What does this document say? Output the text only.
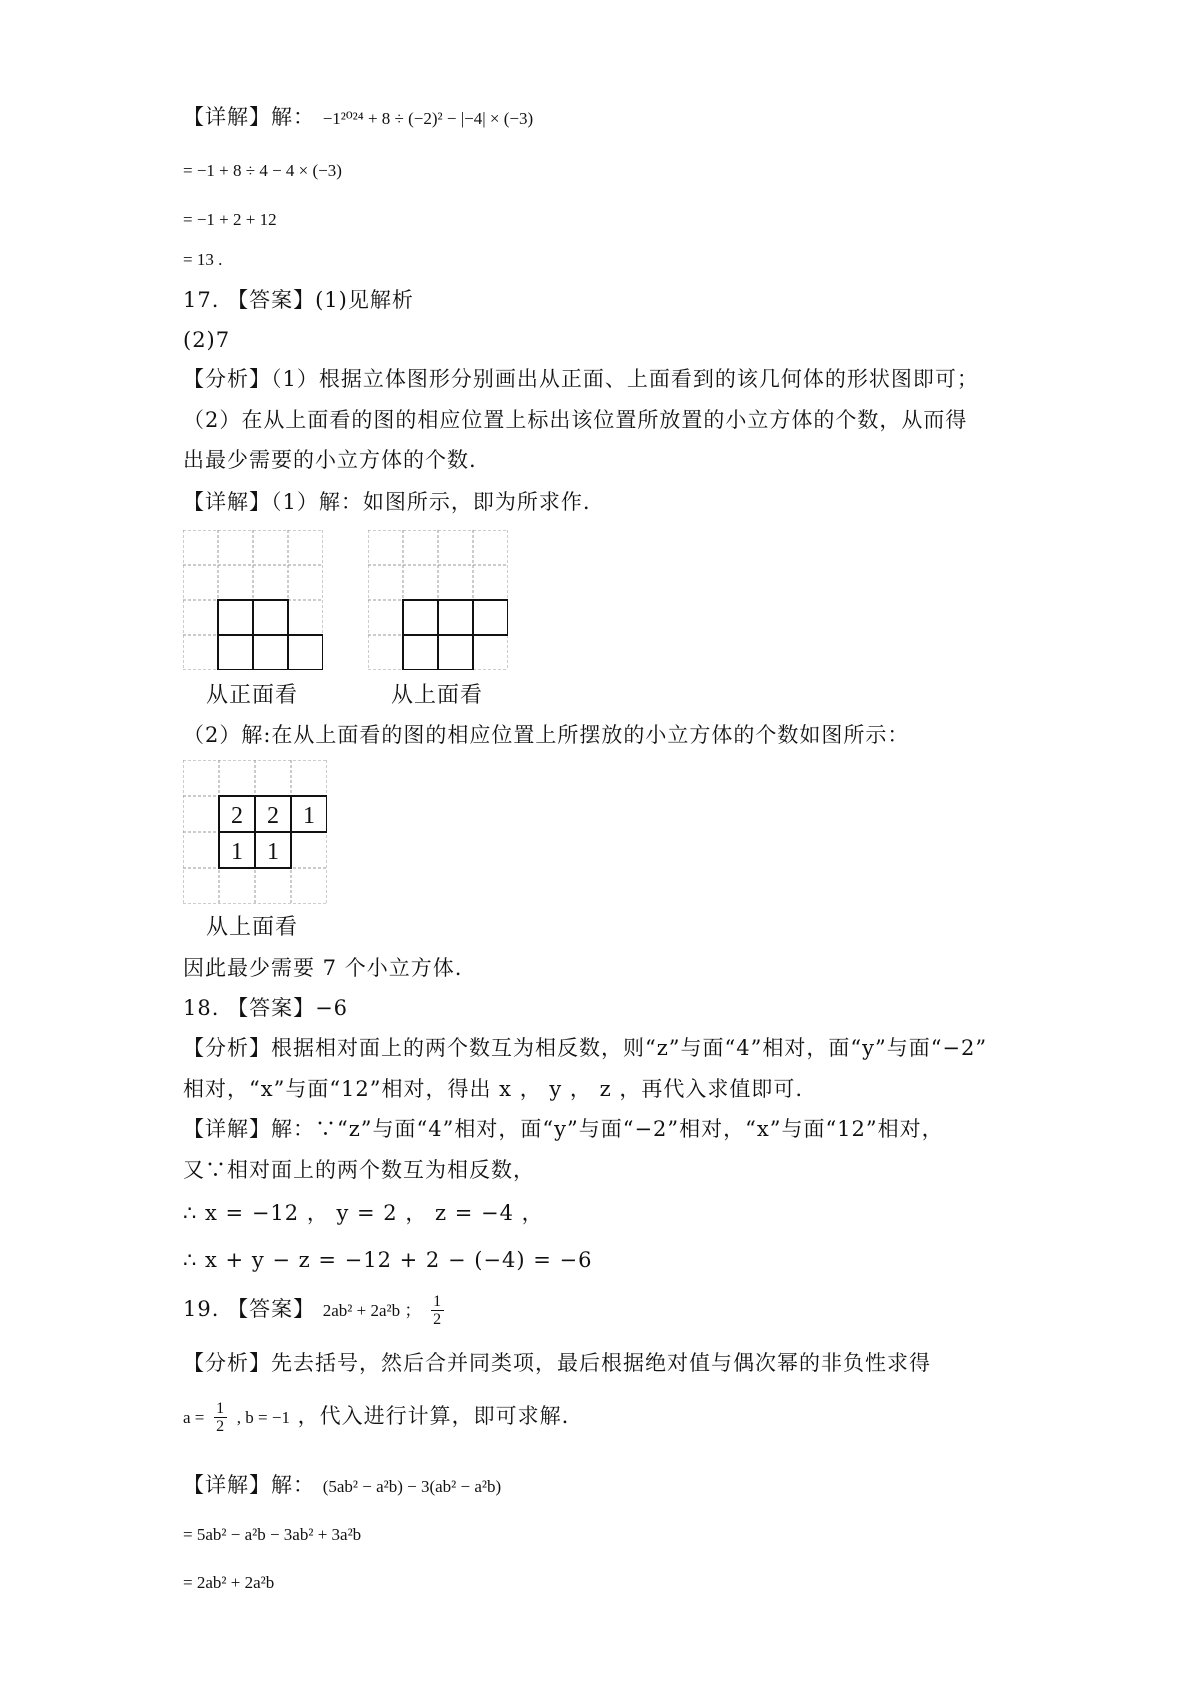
【详解】解： −1²⁰²⁴ + 8 ÷ (−2)² − |−4| × (−3)
= −1 + 8 ÷ 4 − 4 × (−3)
= −1 + 2 + 12
= 13 .
17. 【答案】(1)见解析
(2)7
【分析】（1）根据立体图形分别画出从正面、上面看到的该几何体的形状图即可；
（2）在从上面看的图的相应位置上标出该位置所放置的小立方体的个数，从而得
出最少需要的小立方体的个数.
【详解】（1）解：如图所示，即为所求作.
从正面看	从上面看
（2）解:在从上面看的图的相应位置上所摆放的小立方体的个数如图所示：
2 2 1
1 1
从上面看
因此最少需要 7 个小立方体.
18. 【答案】−6
【分析】根据相对面上的两个数互为相反数，则“z”与面“4”相对，面“y”与面“−2”
相对，“x”与面“12”相对，得出 x ， y ， z ，再代入求值即可.
【详解】解：∵“z”与面“4”相对，面“y”与面“−2”相对，“x”与面“12”相对，
又∵相对面上的两个数互为相反数，
∴ x = −12 ， y = 2 ， z = −4 ，
∴ x + y − z = −12 + 2 − (−4) = −6
19. 【答案】 2ab² + 2a²b ； $\frac{1}{2}$
【分析】先去括号，然后合并同类项，最后根据绝对值与偶次幂的非负性求得
$a = \frac{1}{2}$ , b = −1 ，代入进行计算，即可求解.
【详解】解： (5ab² − a²b) − 3(ab² − a²b)
= 5ab² − a²b − 3ab² + 3a²b
= 2ab² + 2a²b
